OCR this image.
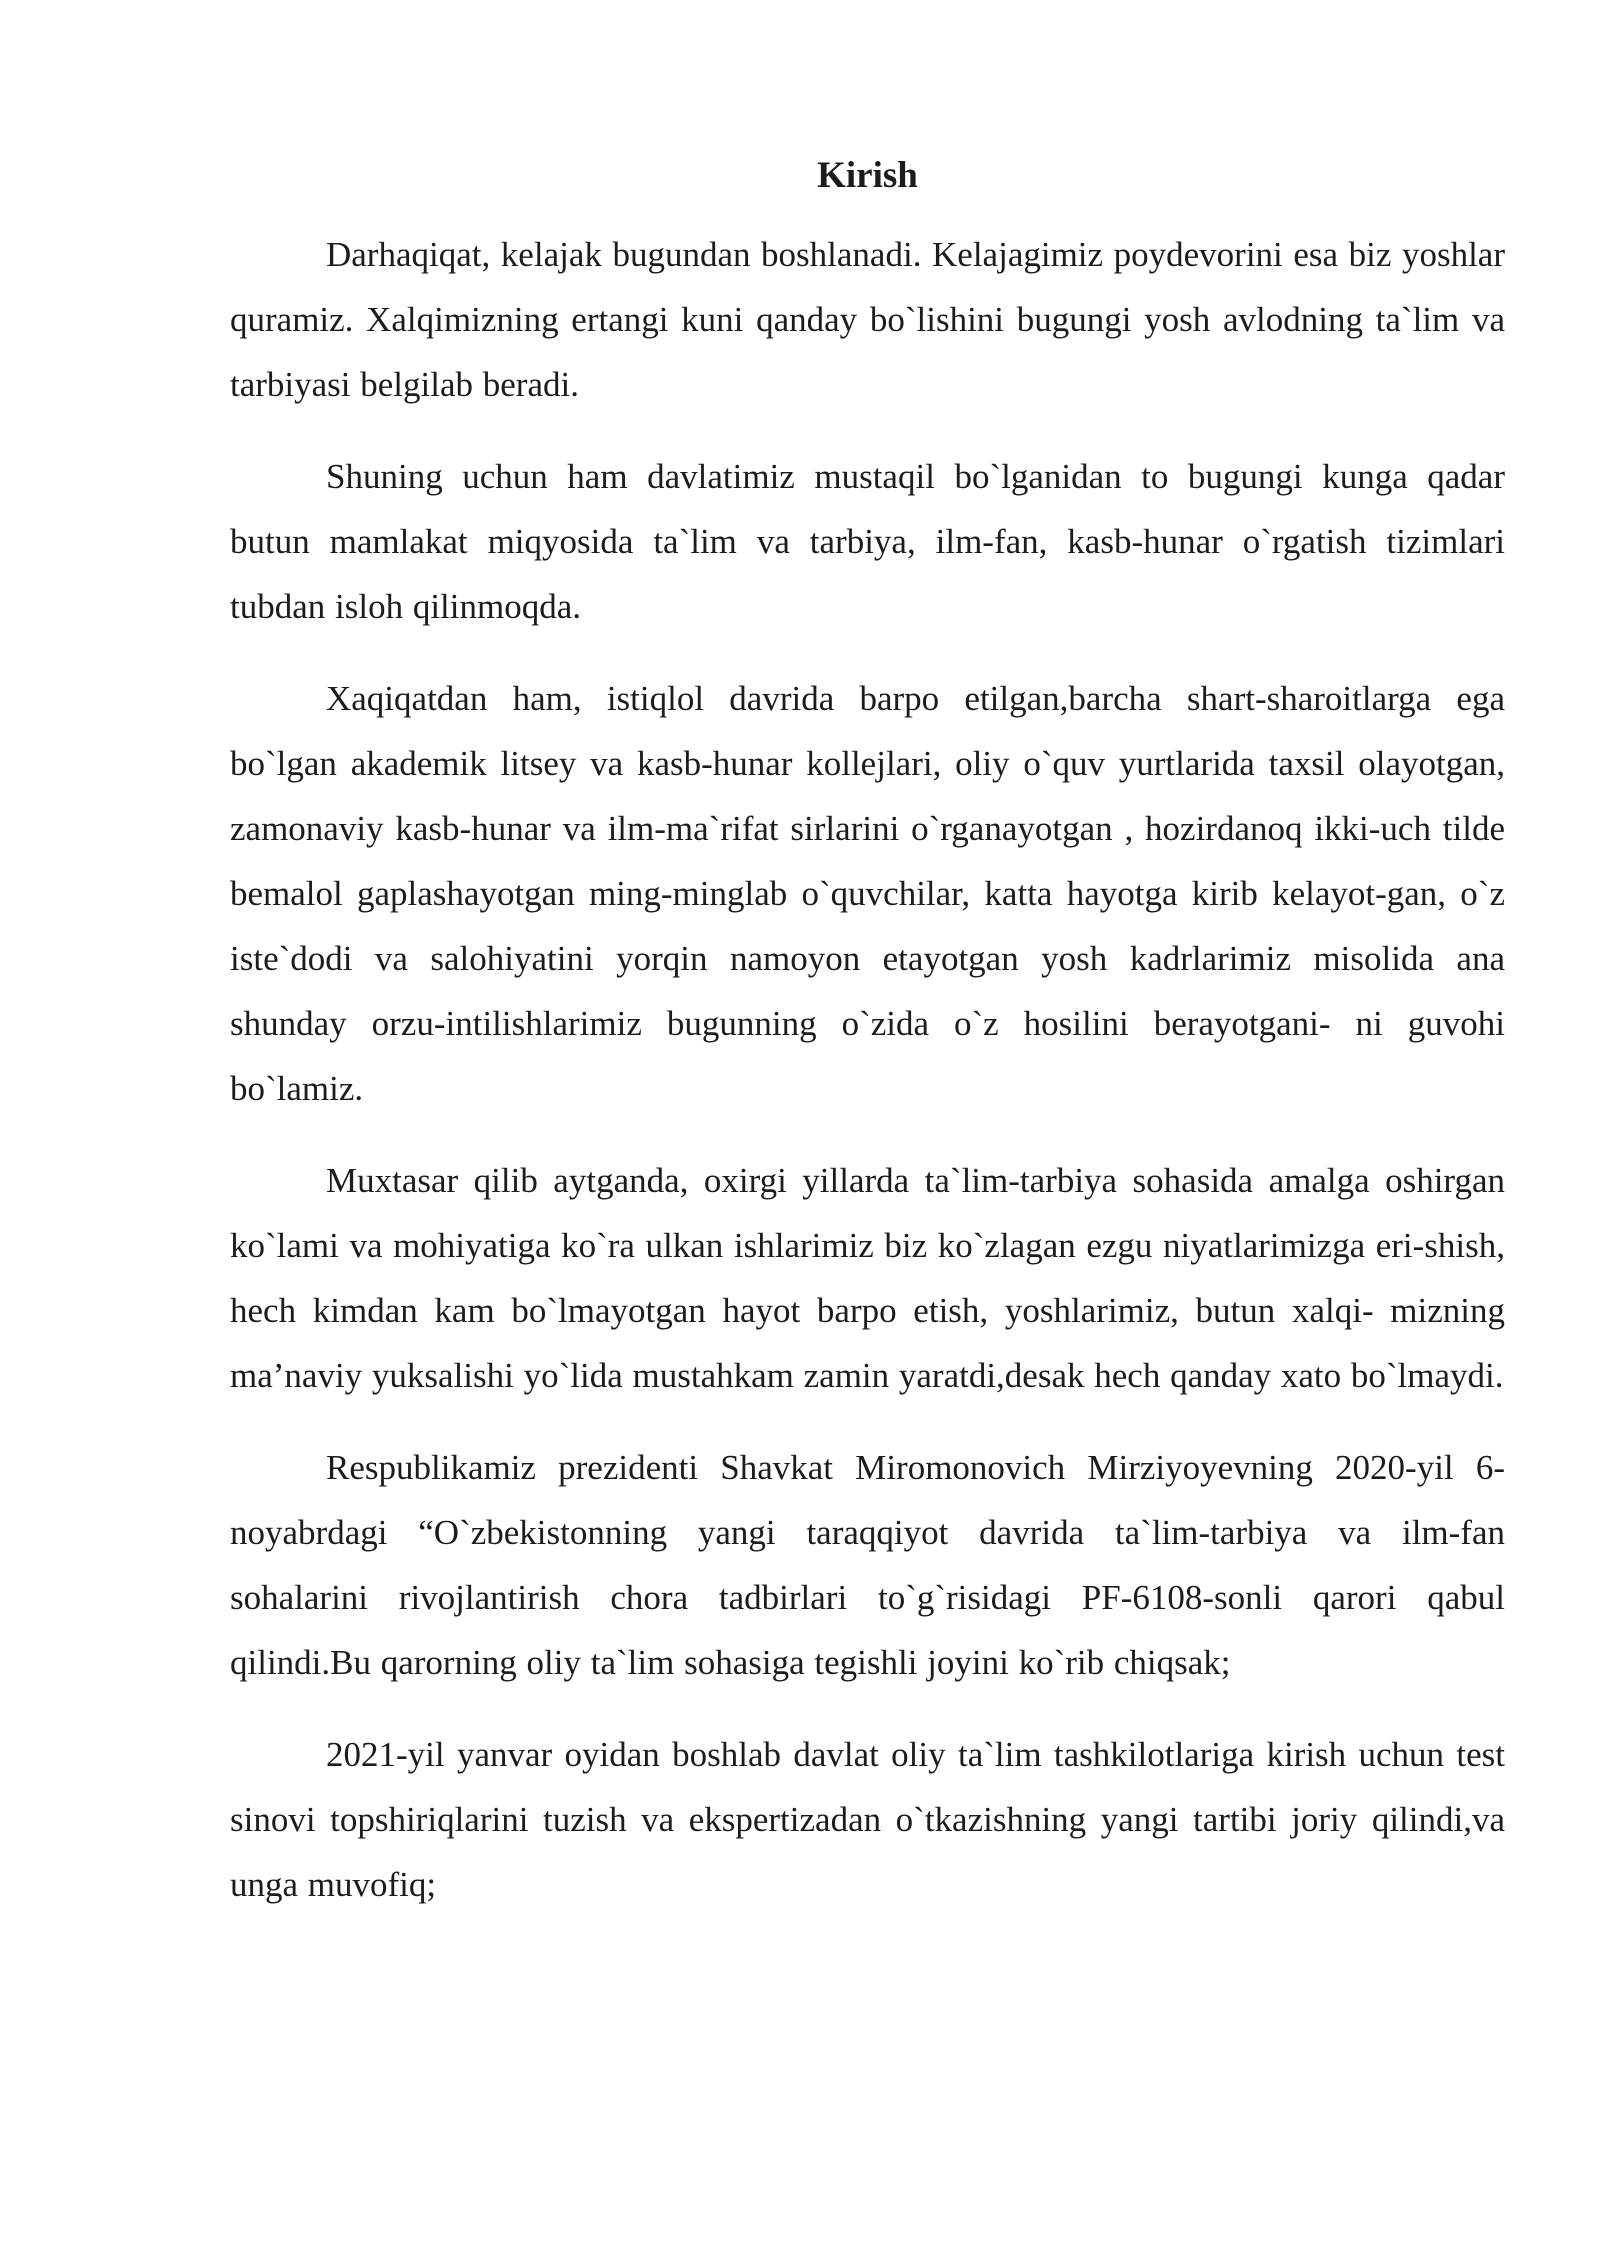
Kirish

Darhaqiqat, kelajak bugundan boshlanadi. Kelajagimiz poydevorini esa biz yoshlar quramiz. Xalqimizning ertangi kuni qanday bo`lishini bugungi yosh avlodning ta`lim va tarbiyasi belgilab beradi.

Shuning uchun ham davlatimiz mustaqil bo`lganidan to bugungi kunga qadar butun mamlakat miqyosida ta`lim va tarbiya, ilm-fan, kasb-hunar o`rgatish tizimlari tubdan isloh qilinmoqda.

Xaqiqatdan ham, istiqlol davrida barpo etilgan,barcha shart-sharoitlarga ega bo`lgan akademik litsey va kasb-hunar kollejlari, oliy o`quv yurtlarida taxsil olayotgan, zamonaviy kasb-hunar va ilm-ma`rifat sirlarini o`rganayotgan , hozirdanoq ikki-uch tilde bemalol gaplashayotgan ming-minglab o`quvchilar, katta hayotga kirib kelayot-gan, o`z iste`dodi va salohiyatini yorqin namoyon etayotgan yosh kadrlarimiz misolida ana shunday orzu-intilishlarimiz bugunning o`zida o`z hosilini berayotgani- ni guvohi bo`lamiz.

Muxtasar qilib aytganda, oxirgi yillarda ta`lim-tarbiya sohasida amalga oshirgan ko`lami va mohiyatiga ko`ra ulkan ishlarimiz biz ko`zlagan ezgu niyatlarimizga eri-shish, hech kimdan kam bo`lmayotgan hayot barpo etish, yoshlarimiz, butun xalqi- mizning ma’naviy yuksalishi yo`lida mustahkam zamin yaratdi,desak hech qanday xato bo`lmaydi.

Respublikamiz prezidenti Shavkat Miromonovich Mirziyoyevning 2020-yil 6-noyabrdagi “O`zbekistonning yangi taraqqiyot davrida ta`lim-tarbiya va ilm-fan sohalarini rivojlantirish chora tadbirlari to`g`risidagi PF-6108-sonli qarori qabul qilindi.Bu qarorning oliy ta`lim sohasiga tegishli joyini ko`rib chiqsak;

2021-yil yanvar oyidan boshlab davlat oliy ta`lim tashkilotlariga kirish uchun test sinovi topshiriqlarini tuzish va ekspertizadan o`tkazishning yangi tartibi joriy qilindi,va unga muvofiq;
